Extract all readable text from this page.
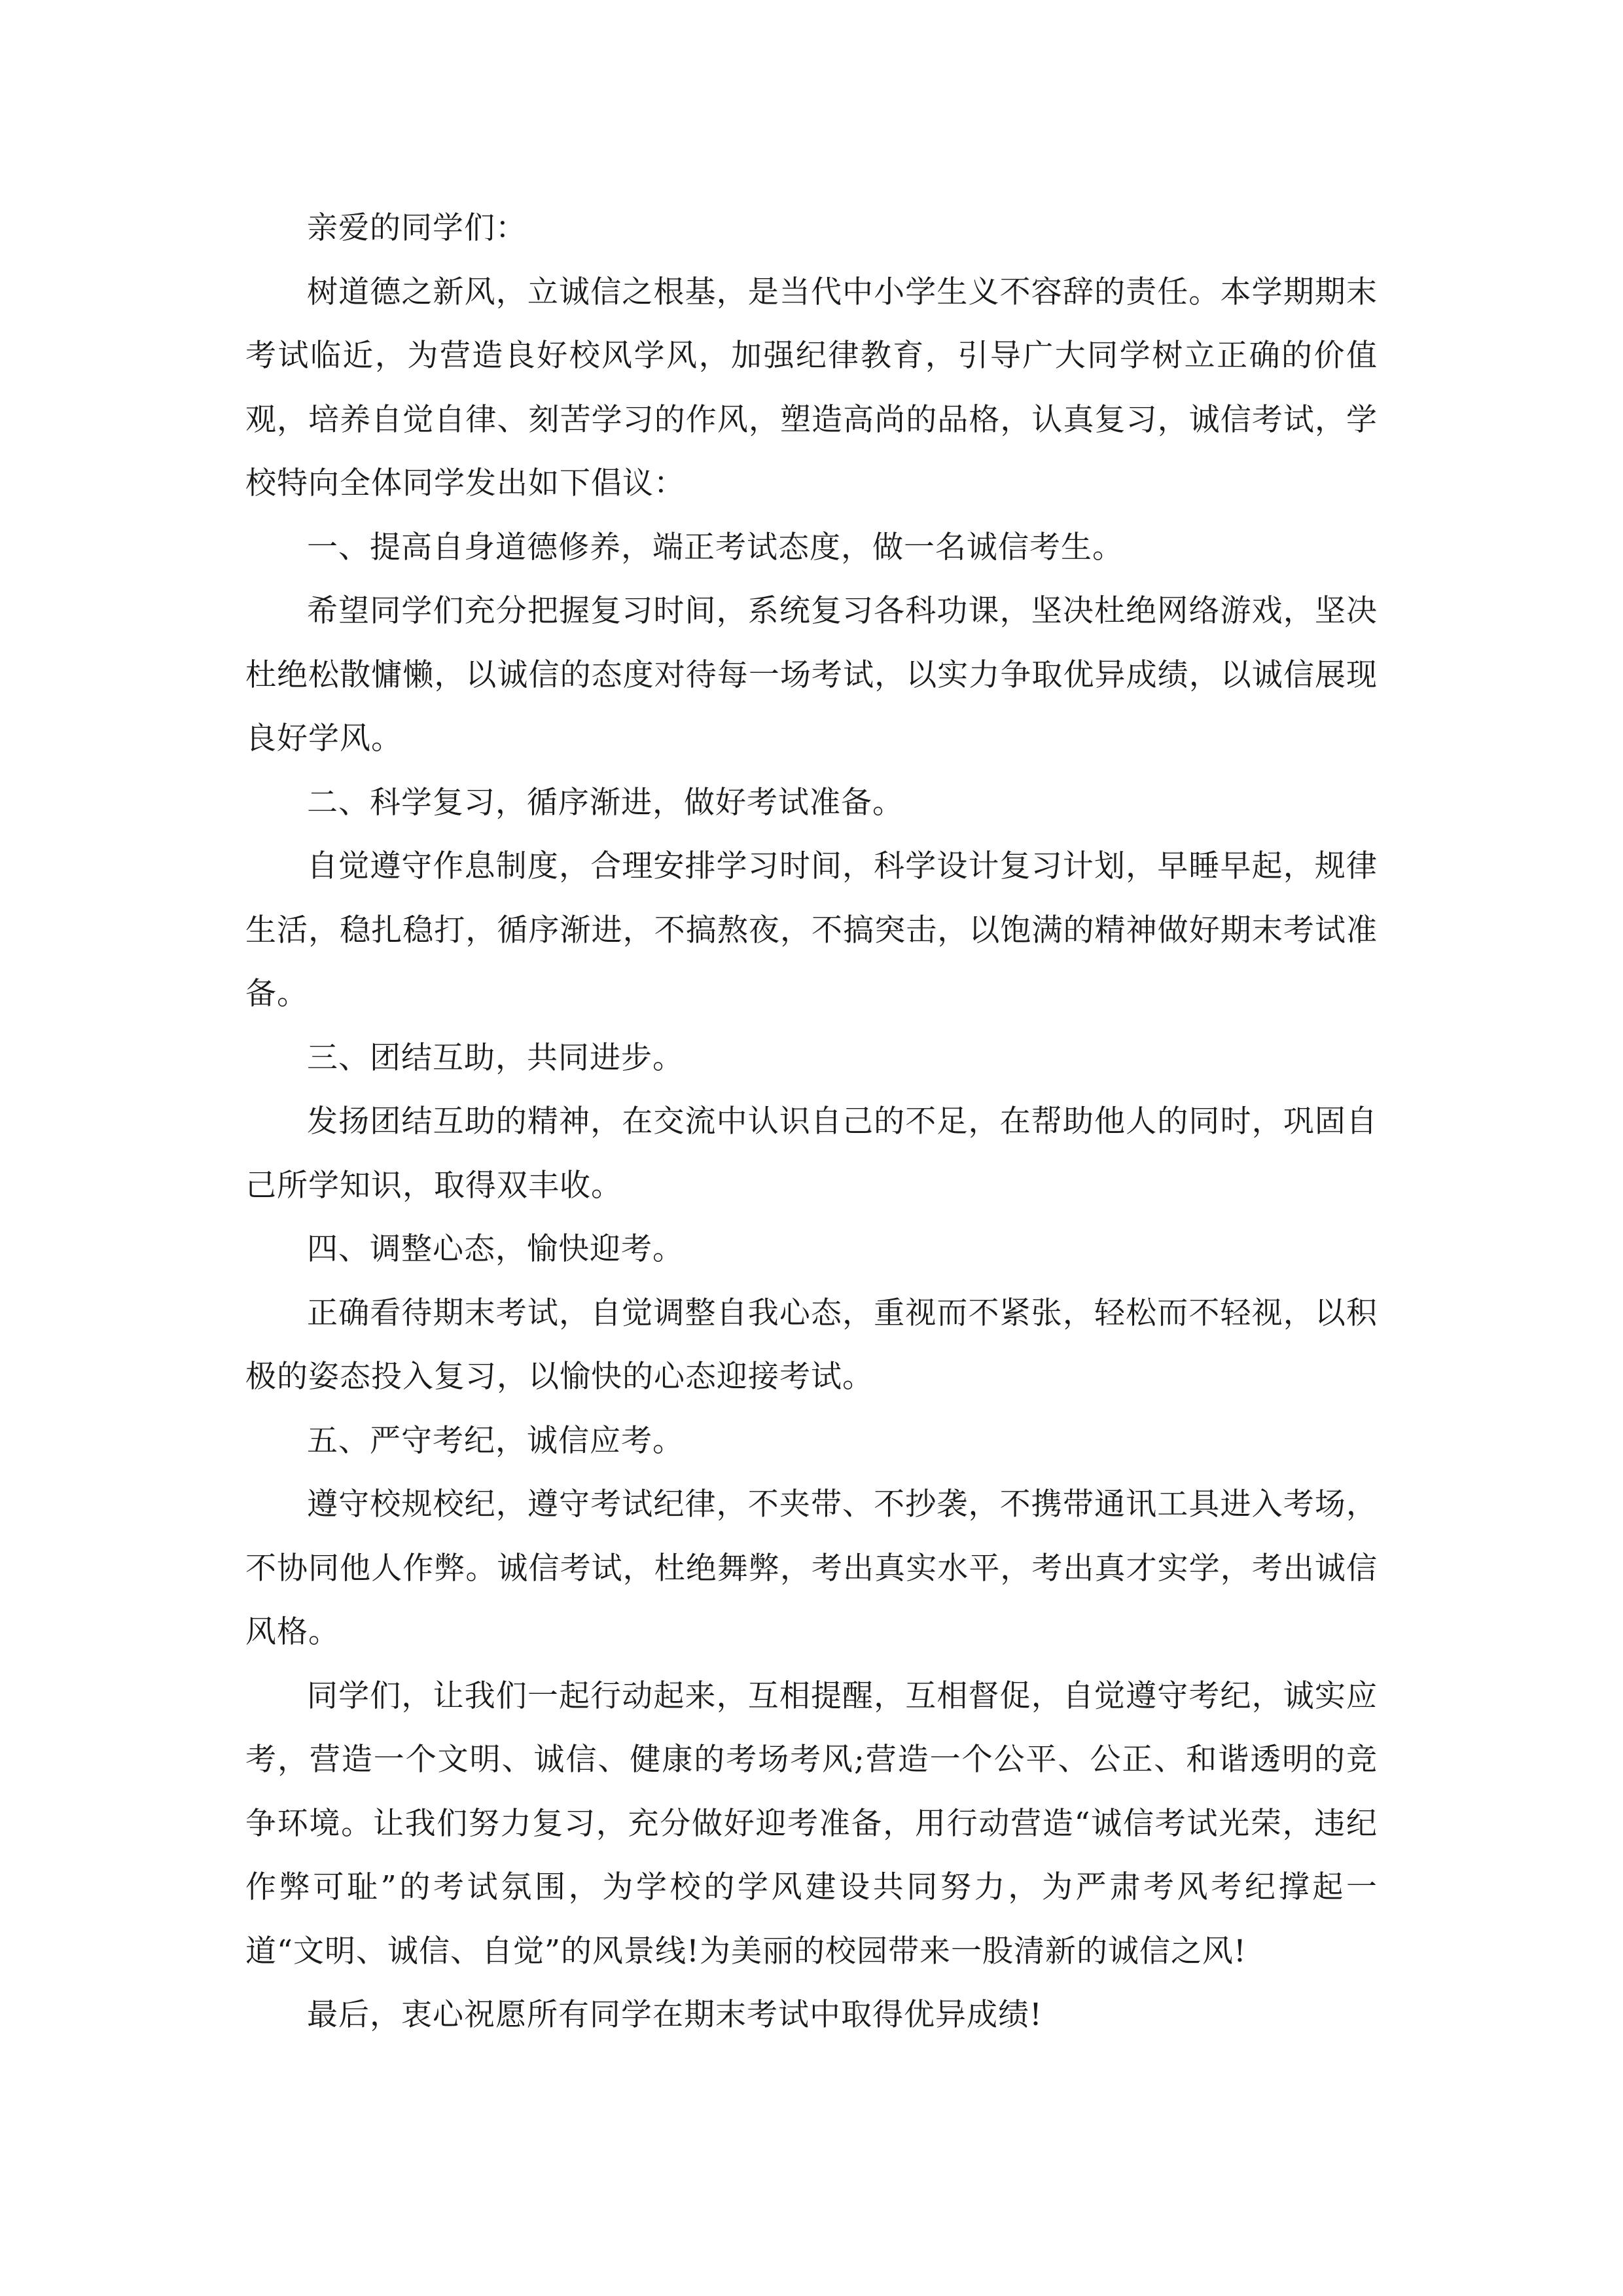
亲爱的同学们：

树道德之新风，立诚信之根基，是当代中小学生义不容辞的责任。本学期期末考试临近，为营造良好校风学风，加强纪律教育，引导广大同学树立正确的价值观，培养自觉自律、刻苦学习的作风，塑造高尚的品格，认真复习，诚信考试，学校特向全体同学发出如下倡议：

一、提高自身道德修养，端正考试态度，做一名诚信考生。

希望同学们充分把握复习时间，系统复习各科功课，坚决杜绝网络游戏，坚决杜绝松散慵懒，以诚信的态度对待每一场考试，以实力争取优异成绩，以诚信展现良好学风。

二、科学复习，循序渐进，做好考试准备。

自觉遵守作息制度，合理安排学习时间，科学设计复习计划，早睡早起，规律生活，稳扎稳打，循序渐进，不搞熬夜，不搞突击，以饱满的精神做好期末考试准备。

三、团结互助，共同进步。

发扬团结互助的精神，在交流中认识自己的不足，在帮助他人的同时，巩固自己所学知识，取得双丰收。

四、调整心态，愉快迎考。

正确看待期末考试，自觉调整自我心态，重视而不紧张，轻松而不轻视，以积极的姿态投入复习，以愉快的心态迎接考试。

五、严守考纪，诚信应考。

遵守校规校纪，遵守考试纪律，不夹带、不抄袭，不携带通讯工具进入考场，不协同他人作弊。诚信考试，杜绝舞弊，考出真实水平，考出真才实学，考出诚信风格。

同学们，让我们一起行动起来，互相提醒，互相督促，自觉遵守考纪，诚实应考，营造一个文明、诚信、健康的考场考风;营造一个公平、公正、和谐透明的竞争环境。让我们努力复习，充分做好迎考准备，用行动营造“诚信考试光荣，违纪作弊可耻”的考试氛围，为学校的学风建设共同努力，为严肃考风考纪撑起一道“文明、诚信、自觉”的风景线!为美丽的校园带来一股清新的诚信之风!

最后，衷心祝愿所有同学在期末考试中取得优异成绩!
